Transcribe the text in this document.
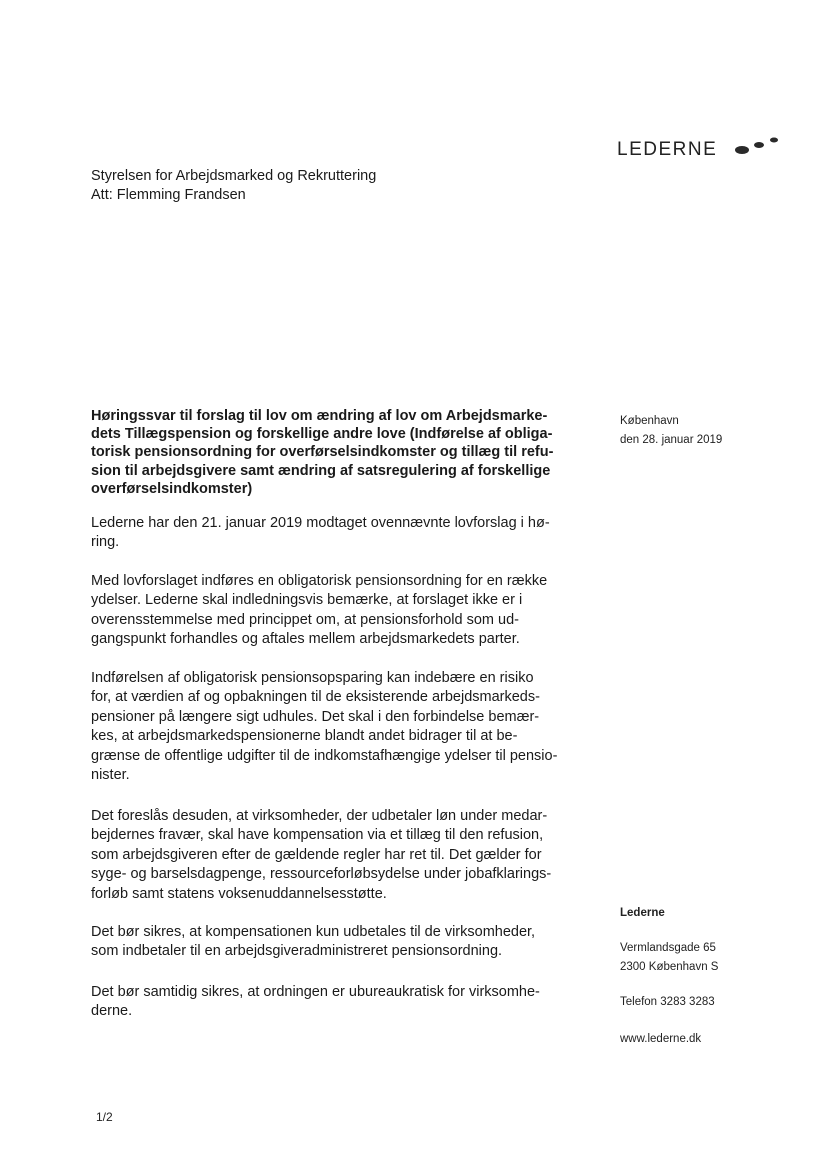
LEDERNE
Styrelsen for Arbejdsmarked og Rekruttering
Att: Flemming Frandsen
Høringssvar til forslag til lov om ændring af lov om Arbejdsmarke-
dets Tillægspension og forskellige andre love (Indførelse af obliga-
torisk pensionsordning for overførselsindkomster og tillæg til refu-
sion til arbejdsgivere samt ændring af satsregulering af forskellige
overførselsindkomster)
Lederne har den 21. januar 2019 modtaget ovennævnte lovforslag i hø-
ring.
Med lovforslaget indføres en obligatorisk pensionsordning for en række
ydelser. Lederne skal indledningsvis bemærke, at forslaget ikke er i
overensstemmelse med princippet om, at pensionsforhold som ud-
gangspunkt forhandles og aftales mellem arbejdsmarkedets parter.
Indførelsen af obligatorisk pensionsopsparing kan indebære en risiko
for, at værdien af og opbakningen til de eksisterende arbejdsmarkeds-
pensioner på længere sigt udhules. Det skal i den forbindelse bemær-
kes, at arbejdsmarkedspensionerne blandt andet bidrager til at be-
grænse de offentlige udgifter til de indkomstafhængige ydelser til pensio-
nister.
Det foreslås desuden, at virksomheder, der udbetaler løn under medar-
bejdernes fravær, skal have kompensation via et tillæg til den refusion,
som arbejdsgiveren efter de gældende regler har ret til. Det gælder for
syge- og barselsdagpenge, ressourceforløbsydelse under jobafklarings-
forløb samt statens voksenuddannelsesstøtte.
Det bør sikres, at kompensationen kun udbetales til de virksomheder,
som indbetaler til en arbejdsgiveradministreret pensionsordning.
Det bør samtidig sikres, at ordningen er ubureaukratisk for virksomhe-
derne.
København
den 28. januar 2019
Lederne
Vermlandsgade 65
2300 København S
Telefon 3283 3283
www.lederne.dk
1/2
